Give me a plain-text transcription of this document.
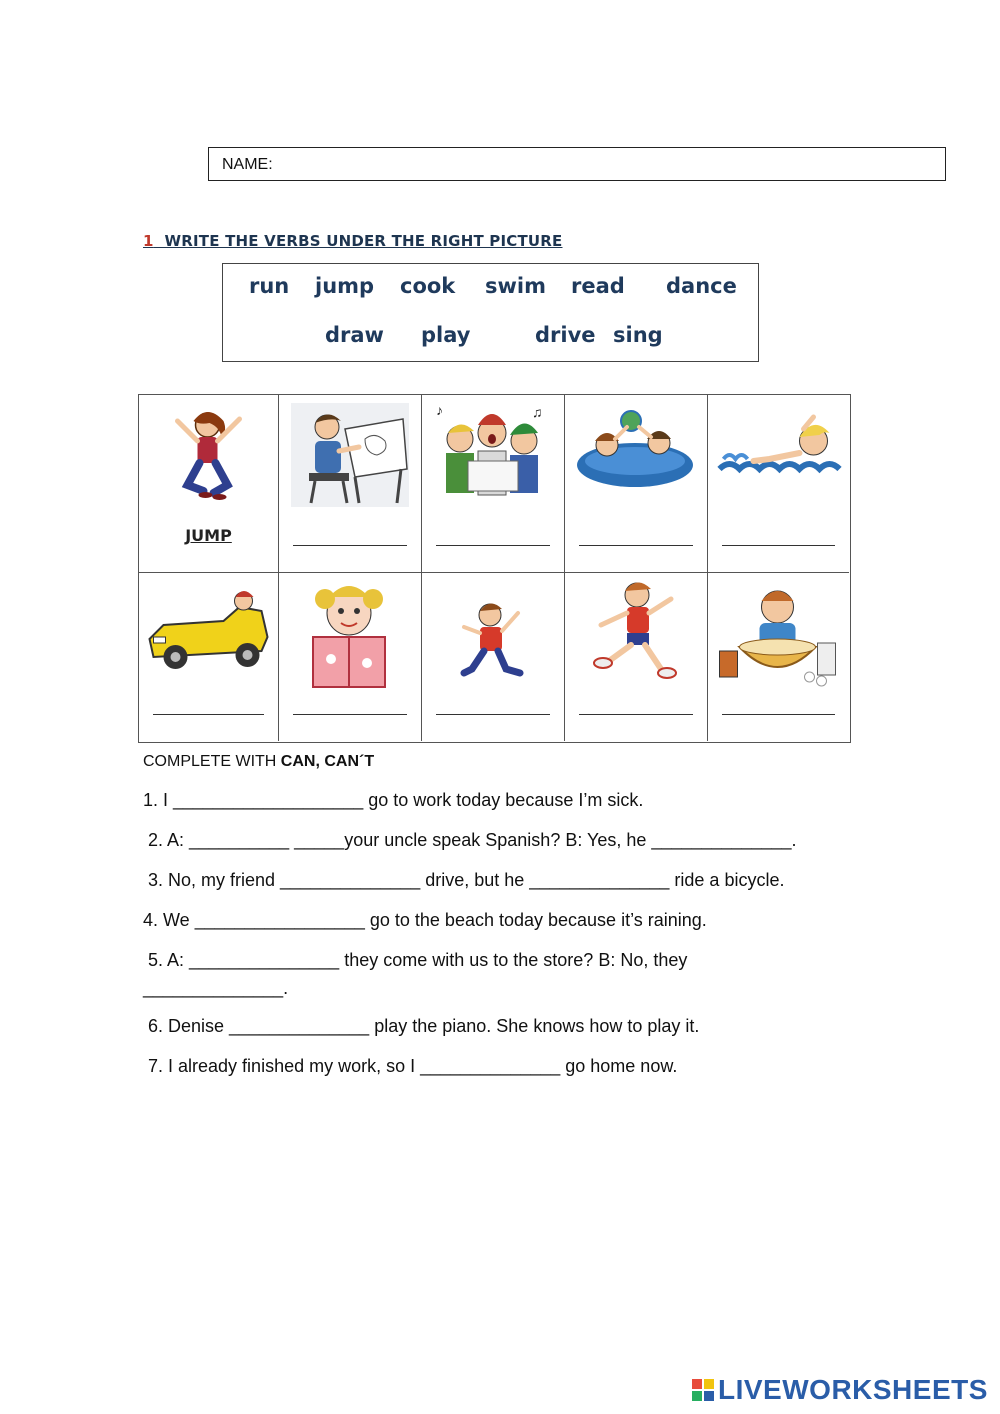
NAME:
1 WRITE THE VERBS UNDER THE RIGHT PICTURE
run jump cook swim read dance
draw play	drive sing
JUMP
♪	♫
COMPLETE WITH CAN, CAN´T
1. I ___________________ go to work today because I’m sick.
2. A: __________ _____your uncle speak Spanish? B: Yes, he ______________.
3. No, my friend ______________ drive, but he ______________ ride a bicycle.
4. We _________________ go to the beach today because it’s raining.
5. A: _______________ they come with us to the store? B: No, they
______________.
6. Denise ______________ play the piano. She knows how to play it.
7. I already finished my work, so I ______________ go home now.
LIVEWORKSHEETS
